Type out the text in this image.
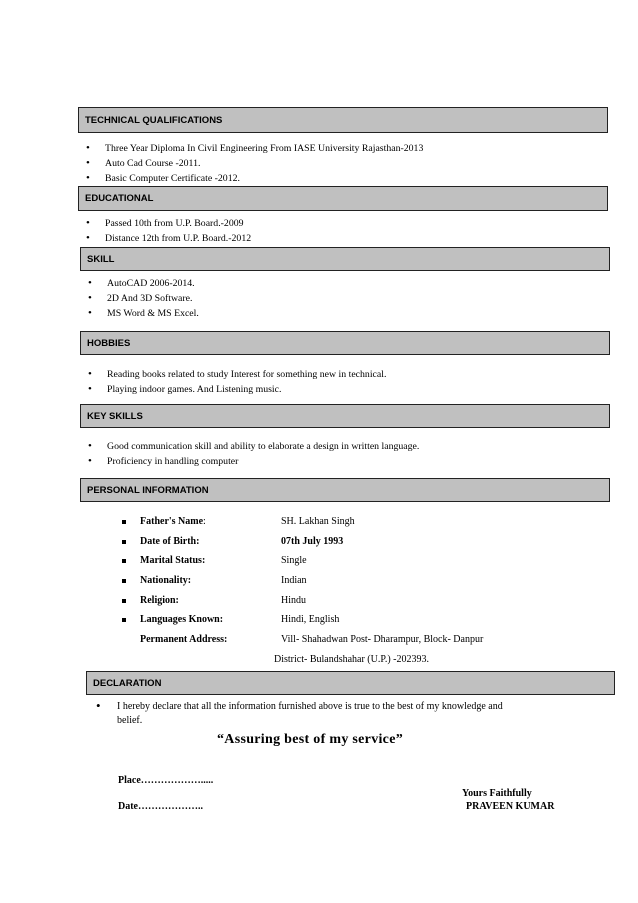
TECHNICAL QUALIFICATIONS
• Three Year Diploma In Civil Engineering From IASE University Rajasthan-2013
• Auto Cad Course -2011.
• Basic Computer Certificate -2012.
EDUCATIONAL
• Passed 10th from U.P. Board.-2009
• Distance 12th from U.P. Board.-2012
SKILL
• AutoCAD 2006-2014.
• 2D And 3D Software.
• MS Word & MS Excel.
HOBBIES
• Reading books related to study Interest for something new in technical.
• Playing indoor games. And Listening music.
KEY SKILLS
• Good communication skill and ability to elaborate a design in written language.
• Proficiency in handling computer
PERSONAL INFORMATION
Father's Name:	SH. Lakhan Singh
Date of Birth:	07th July 1993
Marital Status:	Single
Nationality:	Indian
Religion:	Hindu
Languages Known:	Hindi, English
Permanent Address:	Vill- Shahadwan Post- Dharampur, Block- Danpur
District- Bulandshahar (U.P.) -202393.
DECLARATION
• I hereby declare that all the information furnished above is true to the best of my knowledge and
belief.
“Assuring best of my service”
Place……………….....
Yours Faithfully
Date………………..	PRAVEEN KUMAR
